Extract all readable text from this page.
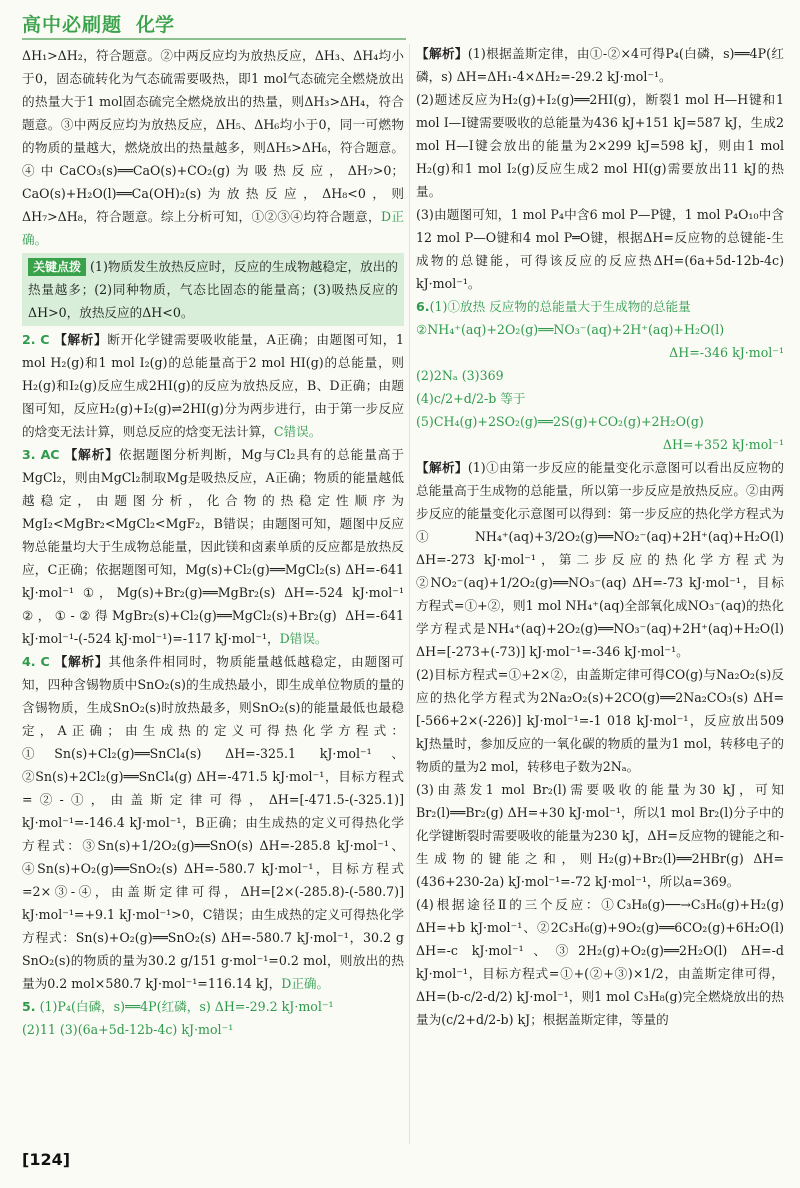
高中必刷题 化学

ΔH₁>ΔH₂，符合题意。②中两反应均为放热反应，ΔH₃、ΔH₄均小于0，固态硫转化为气态硫需要吸热，即1 mol气态硫完全燃烧放出的热量大于1 mol固态硫完全燃烧放出的热量，则ΔH₃>ΔH₄，符合题意。③中两反应均为放热反应，ΔH₅、ΔH₆均小于0，同一可燃物的物质的量越大，燃烧放出的热量越多，则ΔH₅>ΔH₆，符合题意。④中CaCO₃(s)══CaO(s)+CO₂(g)为吸热反应，ΔH₇>0；CaO(s)+H₂O(l)══Ca(OH)₂(s)为放热反应，ΔH₈<0，则ΔH₇>ΔH₈，符合题意。综上分析可知，①②③④均符合题意，D正确。

关键点拨 (1)物质发生放热反应时，反应的生成物越稳定，放出的热量越多；(2)同种物质，气态比固态的能量高；(3)吸热反应的ΔH>0，放热反应的ΔH<0。

2. C 【解析】断开化学键需要吸收能量，A正确；由题图可知，1 mol H₂(g)和1 mol I₂(g)的总能量高于2 mol HI(g)的总能量，则H₂(g)和I₂(g)反应生成2HI(g)的反应为放热反应，B、D正确；由题图可知，反应H₂(g)+I₂(g)⇌2HI(g)分为两步进行，由于第一步反应的焓变无法计算，则总反应的焓变无法计算，C错误。

3. AC 【解析】依据题图分析判断，Mg与Cl₂具有的总能量高于MgCl₂，则由MgCl₂制取Mg是吸热反应，A正确；物质的能量越低越稳定，由题图分析，化合物的热稳定性顺序为MgI₂<MgBr₂<MgCl₂<MgF₂，B错误；由题图可知，题图中反应物总能量均大于生成物总能量，因此镁和卤素单质的反应都是放热反应，C正确；依据题图可知，Mg(s)+Cl₂(g)══MgCl₂(s) ΔH=-641 kJ·mol⁻¹ ①，Mg(s)+Br₂(g)══MgBr₂(s) ΔH=-524 kJ·mol⁻¹ ②，①-②得MgBr₂(s)+Cl₂(g)══MgCl₂(s)+Br₂(g) ΔH=-641 kJ·mol⁻¹-(-524 kJ·mol⁻¹)=-117 kJ·mol⁻¹，D错误。

4. C 【解析】其他条件相同时，物质能量越低越稳定，由题图可知，四种含锡物质中SnO₂(s)的生成热最小，即生成单位物质的量的含锡物质，生成SnO₂(s)时放热最多，则SnO₂(s)的能量最低也最稳定，A正确；由生成热的定义可得热化学方程式：①Sn(s)+Cl₂(g)══SnCl₄(s) ΔH=-325.1 kJ·mol⁻¹、②Sn(s)+2Cl₂(g)══SnCl₄(g) ΔH=-471.5 kJ·mol⁻¹，目标方程式=②-①，由盖斯定律可得，ΔH=[-471.5-(-325.1)] kJ·mol⁻¹=-146.4 kJ·mol⁻¹，B正确；由生成热的定义可得热化学方程式：③Sn(s)+1/2O₂(g)══SnO(s) ΔH=-285.8 kJ·mol⁻¹、④Sn(s)+O₂(g)══SnO₂(s) ΔH=-580.7 kJ·mol⁻¹，目标方程式=2×③-④，由盖斯定律可得，ΔH=[2×(-285.8)-(-580.7)] kJ·mol⁻¹=+9.1 kJ·mol⁻¹>0，C错误；由生成热的定义可得热化学方程式：Sn(s)+O₂(g)══SnO₂(s) ΔH=-580.7 kJ·mol⁻¹，30.2 g SnO₂(s)的物质的量为30.2 g/151 g·mol⁻¹=0.2 mol，则放出的热量为0.2 mol×580.7 kJ·mol⁻¹=116.14 kJ，D正确。

5. (1)P₄(白磷，s)══4P(红磷，s) ΔH=-29.2 kJ·mol⁻¹
(2)11 (3)(6a+5d-12b-4c) kJ·mol⁻¹

【解析】(1)根据盖斯定律，由①-②×4可得P₄(白磷，s)══4P(红磷，s) ΔH=ΔH₁-4×ΔH₂=-29.2 kJ·mol⁻¹。

(2)题述反应为H₂(g)+I₂(g)══2HI(g)，断裂1 mol H—H键和1 mol I—I键需要吸收的总能量为436 kJ+151 kJ=587 kJ，生成2 mol H—I键会放出的能量为2×299 kJ=598 kJ，则由1 mol H₂(g)和1 mol I₂(g)反应生成2 mol HI(g)需要放出11 kJ的热量。

(3)由题图可知，1 mol P₄中含6 mol P—P键，1 mol P₄O₁₀中含12 mol P—O键和4 mol P═O键，根据ΔH=反应物的总键能-生成物的总键能，可得该反应的反应热ΔH=(6a+5d-12b-4c) kJ·mol⁻¹。

6.(1)①放热 反应物的总能量大于生成物的总能量
②NH₄⁺(aq)+2O₂(g)══NO₃⁻(aq)+2H⁺(aq)+H₂O(l)
ΔH=-346 kJ·mol⁻¹
(2)2Nₐ (3)369
(4)c/2+d/2-b 等于
(5)CH₄(g)+2SO₂(g)══2S(g)+CO₂(g)+2H₂O(g)
ΔH=+352 kJ·mol⁻¹

【解析】(1)①由第一步反应的能量变化示意图可以看出反应物的总能量高于生成物的总能量，所以第一步反应是放热反应。②由两步反应的能量变化示意图可以得到：第一步反应的热化学方程式为①NH₄⁺(aq)+3/2O₂(g)══NO₂⁻(aq)+2H⁺(aq)+H₂O(l) ΔH=-273 kJ·mol⁻¹，第二步反应的热化学方程式为②NO₂⁻(aq)+1/2O₂(g)══NO₃⁻(aq) ΔH=-73 kJ·mol⁻¹，目标方程式=①+②，则1 mol NH₄⁺(aq)全部氧化成NO₃⁻(aq)的热化学方程式是NH₄⁺(aq)+2O₂(g)══NO₃⁻(aq)+2H⁺(aq)+H₂O(l) ΔH=[-273+(-73)] kJ·mol⁻¹=-346 kJ·mol⁻¹。

(2)目标方程式=①+2×②，由盖斯定律可得CO(g)与Na₂O₂(s)反应的热化学方程式为2Na₂O₂(s)+2CO(g)══2Na₂CO₃(s) ΔH=[-566+2×(-226)] kJ·mol⁻¹=-1 018 kJ·mol⁻¹，反应放出509 kJ热量时，参加反应的一氧化碳的物质的量为1 mol，转移电子的物质的量为2 mol，转移电子数为2Nₐ。

(3)由蒸发1 mol Br₂(l)需要吸收的能量为30 kJ，可知Br₂(l)══Br₂(g) ΔH=+30 kJ·mol⁻¹，所以1 mol Br₂(l)分子中的化学键断裂时需要吸收的能量为230 kJ，ΔH=反应物的键能之和-生成物的键能之和，则H₂(g)+Br₂(l)══2HBr(g) ΔH=(436+230-2a) kJ·mol⁻¹=-72 kJ·mol⁻¹，所以a=369。

(4)根据途径Ⅱ的三个反应：①C₃H₈(g)──→C₃H₆(g)+H₂(g) ΔH=+b kJ·mol⁻¹、②2C₃H₆(g)+9O₂(g)══6CO₂(g)+6H₂O(l) ΔH=-c kJ·mol⁻¹、③2H₂(g)+O₂(g)══2H₂O(l) ΔH=-d kJ·mol⁻¹，目标方程式=①+(②+③)×1/2，由盖斯定律可得，ΔH=(b-c/2-d/2) kJ·mol⁻¹，则1 mol C₃H₈(g)完全燃烧放出的热量为(c/2+d/2-b) kJ；根据盖斯定律，等量的

[124]
